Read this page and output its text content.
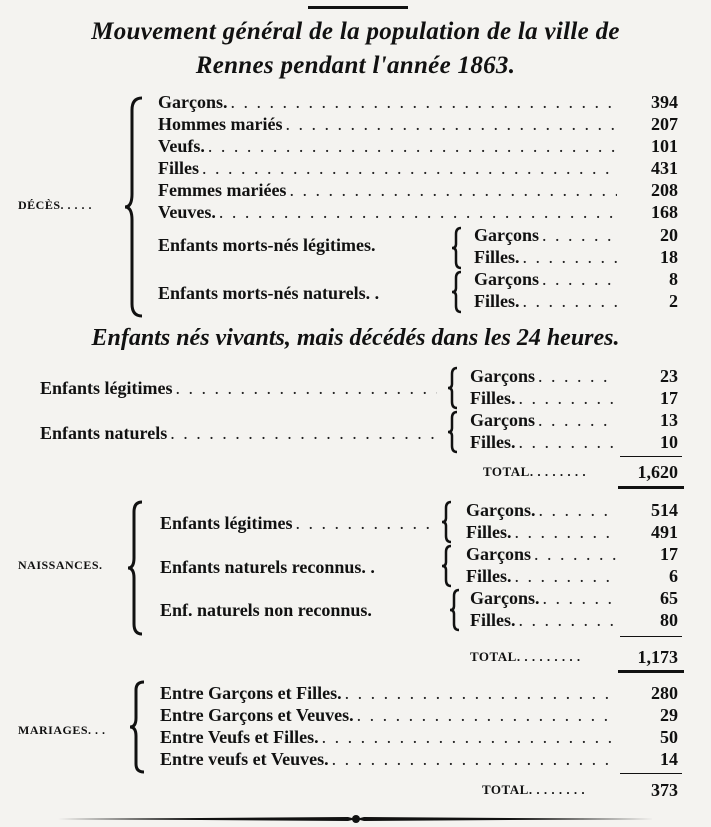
Mouvement général de la population de la ville de
Rennes pendant l'année 1863.
DÉCÈS. . . . .
Garçons. . . .	394
Hommes mariés . . .	207
Veufs. . . .	101
Filles . . .	431
Femmes mariées . . .	208
Veuves. . . .	168
Enfants morts-nés légitimes.	Garçons . . .	20
Filles. . . .	18
Enfants morts-nés naturels. .
Garçons . . .	8
Filles. . . .	2
Enfants nés vivants, mais décédés dans les 24 heures.
Enfants légitimes
. . .
Garçons . . .	23
Filles. . . .	17
Enfants naturels
. . .
Garçons . . .	13
Filles. . . .	10
TOTAL. . . . . . . .	1,620
NAISSANCES.
Enfants légitimes
. . .
Garçons. . . .	514
Filles. . . .	491
Enfants naturels reconnus. .
Garçons . . .	17
Filles. . . .	6
Enf. naturels non reconnus.
Garçons. . . .	65
Filles. . . .	80
TOTAL. . . . . . . . .	1,173
MARIAGES. . .
Entre Garçons et Filles. . . .	280
Entre Garçons et Veuves. . . .	29
Entre Veufs et Filles. . . .	50
Entre veufs et Veuves. . . .	14
TOTAL. . . . . . . .	373
